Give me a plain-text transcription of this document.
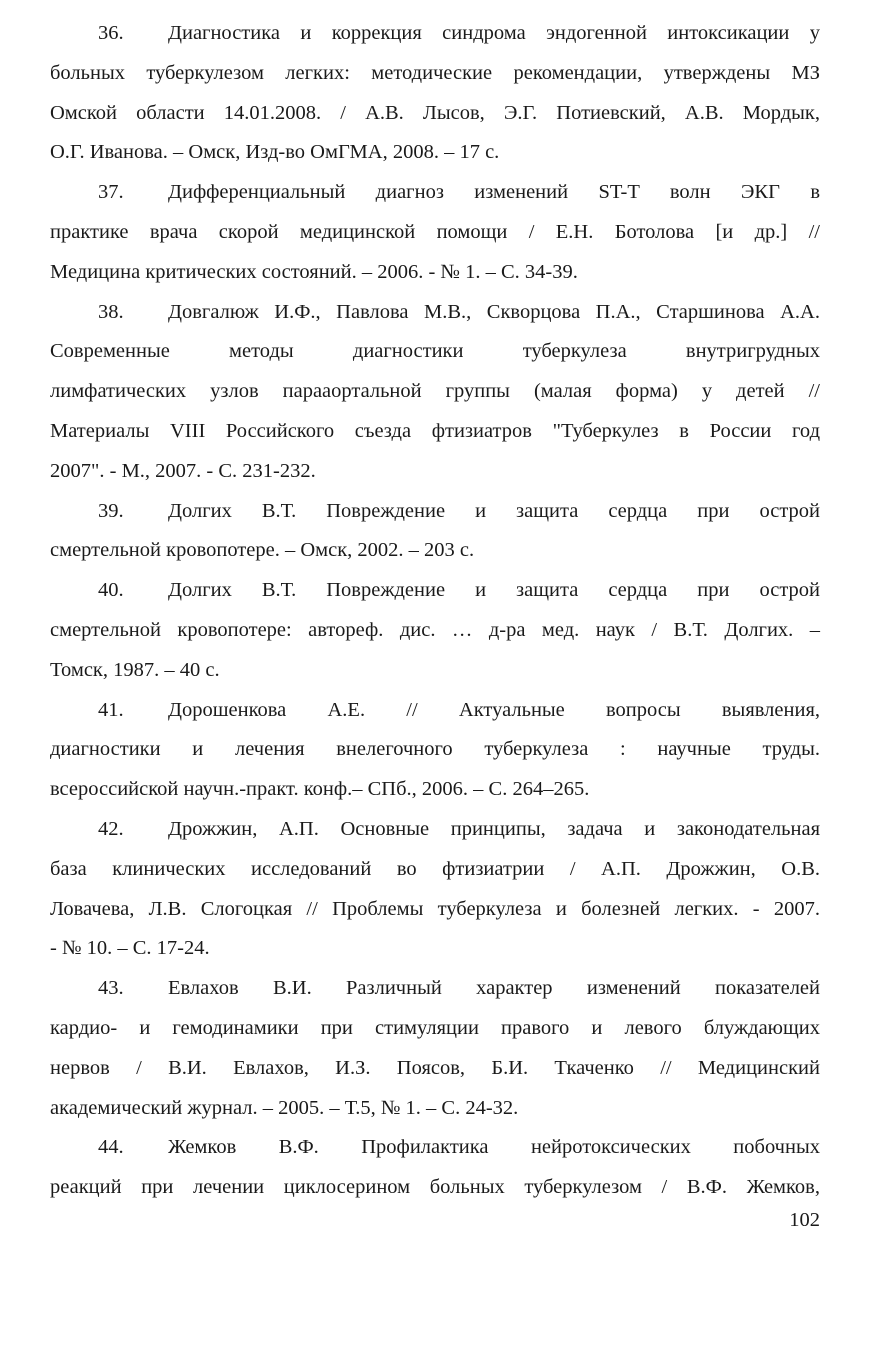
36.	Диагностика и коррекция синдрома эндогенной интоксикации у
больных туберкулезом легких: методические рекомендации, утверждены МЗ
Омской области 14.01.2008. / А.В. Лысов, Э.Г. Потиевский, А.В. Мордык,
О.Г. Иванова. – Омск, Изд-во ОмГМА, 2008. – 17 с.
37.	Дифференциальный диагноз изменений ST-T волн ЭКГ в
практике врача скорой медицинской помощи / Е.Н. Ботолова [и др.] //
Медицина критических состояний. – 2006. - № 1. – С. 34-39.
38.	Довгалюж И.Ф., Павлова М.В., Скворцова П.А., Старшинова А.А.
Современные методы диагностики туберкулеза внутригрудных
лимфатических узлов парааортальной группы (малая форма) у детей //
Материалы VIII Российского съезда фтизиатров "Туберкулез в России год
2007". - М., 2007. - С. 231-232.
39.	Долгих В.Т. Повреждение и защита сердца при острой
смертельной кровопотере. – Омск, 2002. – 203 с.
40.	Долгих В.Т. Повреждение и защита сердца при острой
смертельной кровопотере: автореф. дис. … д-ра мед. наук / В.Т. Долгих. –
Томск, 1987. – 40 с.
41.	Дорошенкова А.Е. // Актуальные вопросы выявления,
диагностики и лечения внелегочного туберкулеза : научные труды.
всероссийской научн.-практ. конф.– СПб., 2006. – С. 264–265.
42.	Дрожжин, А.П. Основные принципы, задача и законодательная
база клинических исследований во фтизиатрии / А.П. Дрожжин, О.В.
Ловачева, Л.В. Слогоцкая // Проблемы туберкулеза и болезней легких. - 2007.
- № 10. – С. 17-24.
43.	Евлахов В.И. Различный характер изменений показателей
кардио- и гемодинамики при стимуляции правого и левого блуждающих
нервов / В.И. Евлахов, И.З. Поясов, Б.И. Ткаченко // Медицинский
академический журнал. – 2005. – Т.5, № 1. – С. 24-32.
44.	Жемков В.Ф. Профилактика нейротоксических побочных
реакций при лечении циклосерином больных туберкулезом / В.Ф. Жемков,
102
